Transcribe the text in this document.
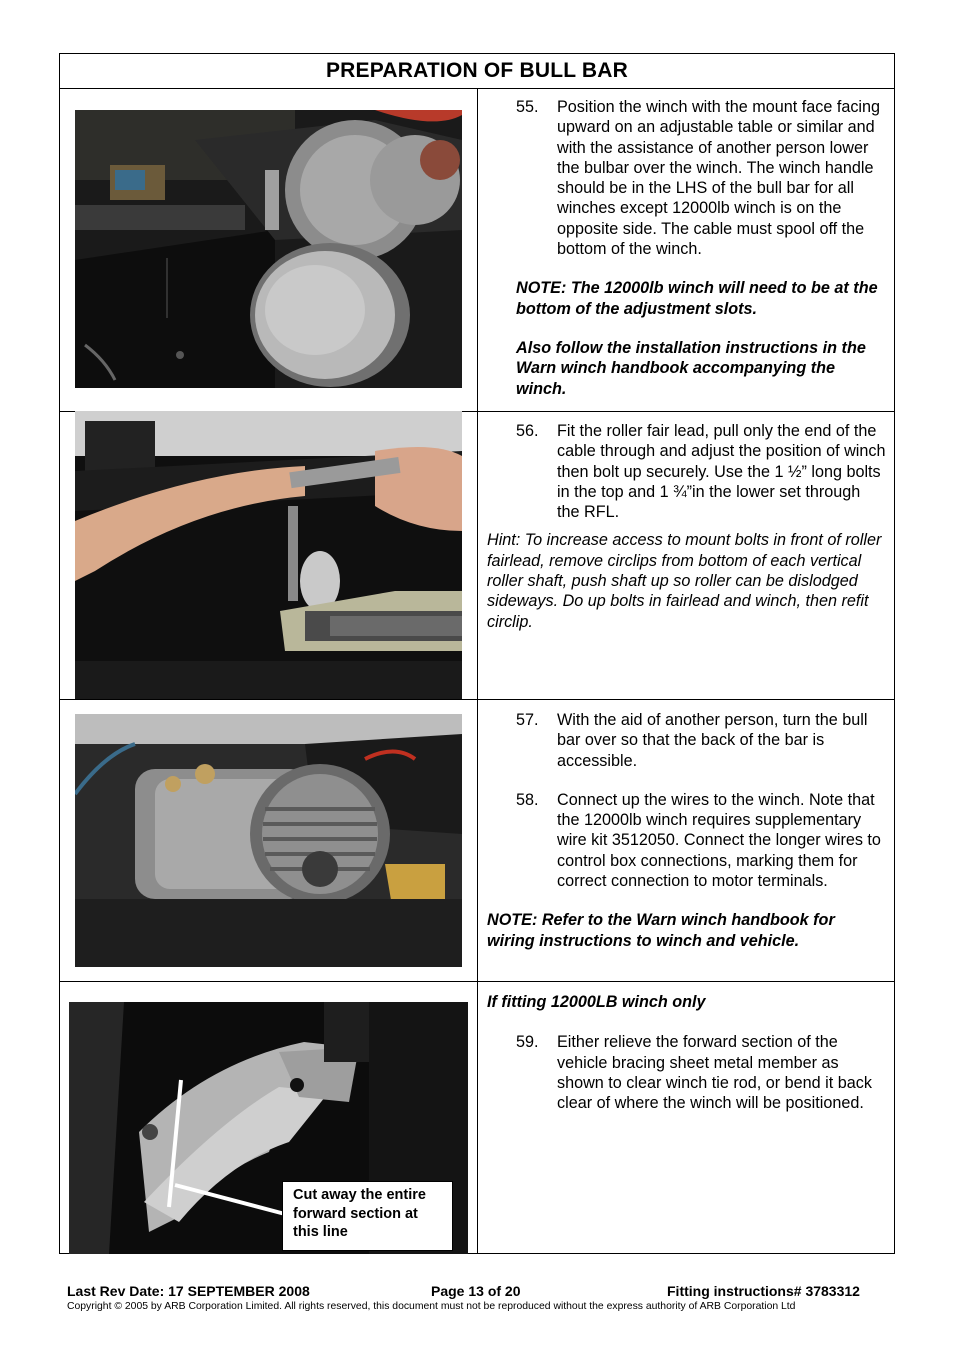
PREPARATION OF BULL BAR
55. Position the winch with the mount face facing upward on an adjustable table or similar and with the assistance of another person lower the bulbar over the winch. The winch handle should be in the LHS of the bull bar for all winches except 12000lb winch is on the opposite side. The cable must spool off the bottom of the winch.
NOTE: The 12000lb winch will need to be at the bottom of the adjustment slots.
Also follow the installation instructions in the Warn winch handbook accompanying the winch.
56. Fit the roller fair lead, pull only the end of the cable through and adjust the position of winch then bolt up securely. Use the 1 ½” long bolts in the top and 1 ¾”in the lower set through the RFL.
Hint: To increase access to mount bolts in front of roller fairlead, remove circlips from bottom of each vertical roller shaft, push shaft up so roller can be dislodged sideways. Do up bolts in fairlead and winch, then refit circlip.
57. With the aid of another person, turn the bull bar over so that the back of the bar is accessible.
58. Connect up the wires to the winch. Note that the 12000lb winch requires supplementary wire kit 3512050. Connect the longer wires to control box connections, marking them for correct connection to motor terminals.
NOTE: Refer to the Warn winch handbook for wiring instructions to winch and vehicle.
If fitting 12000LB winch only
59. Either relieve the forward section of the vehicle bracing sheet metal member as shown to clear winch tie rod, or bend it back clear of where the winch will be positioned.
Cut away the entire forward section at this line
Last Rev Date: 17 SEPTEMBER 2008	Page 13 of 20	Fitting instructions# 3783312
Copyright © 2005 by ARB Corporation Limited. All rights reserved, this document must not be reproduced without the express authority of ARB Corporation Ltd
